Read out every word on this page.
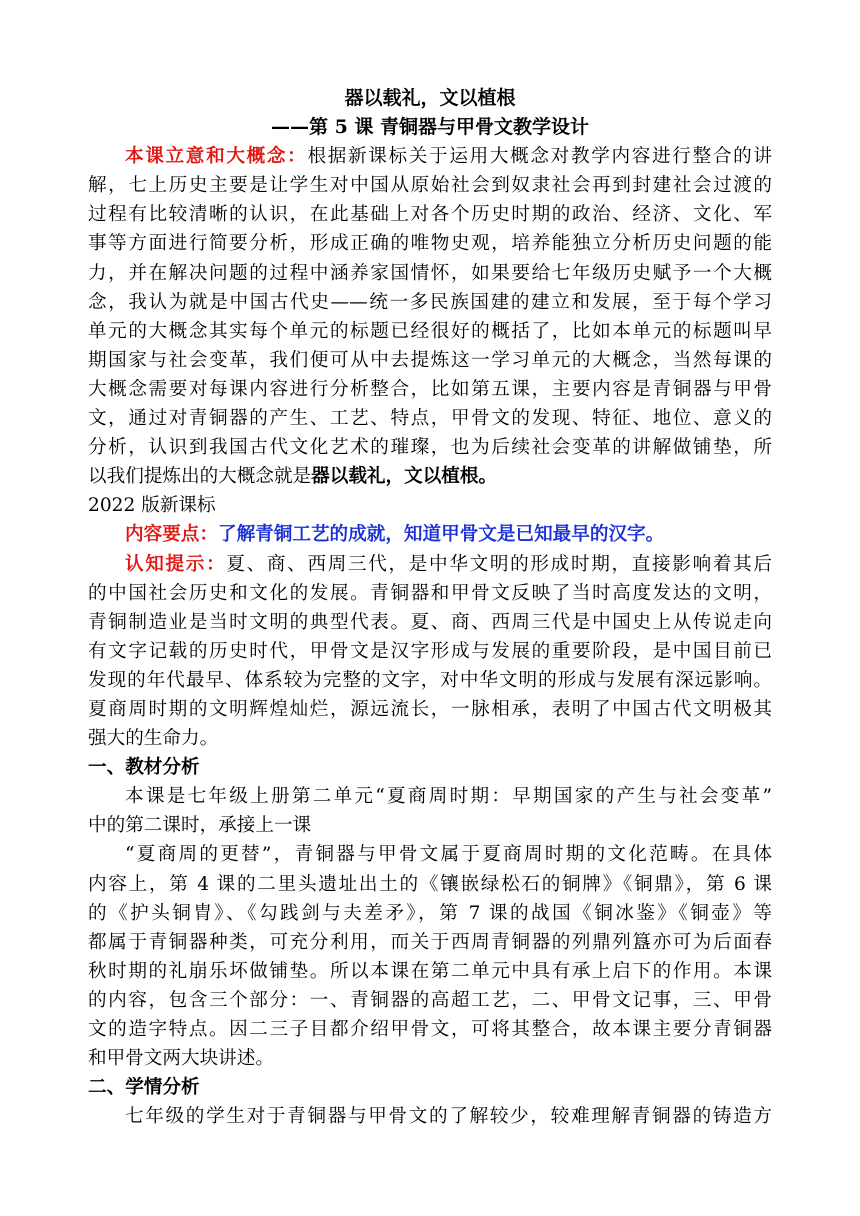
器以载礼，文以植根
——第 5 课 青铜器与甲骨文教学设计
本课立意和大概念：根据新课标关于运用大概念对教学内容进行整合的讲
解，七上历史主要是让学生对中国从原始社会到奴隶社会再到封建社会过渡的
过程有比较清晰的认识，在此基础上对各个历史时期的政治、经济、文化、军
事等方面进行简要分析，形成正确的唯物史观，培养能独立分析历史问题的能
力，并在解决问题的过程中涵养家国情怀，如果要给七年级历史赋予一个大概
念，我认为就是中国古代史——统一多民族国建的建立和发展，至于每个学习
单元的大概念其实每个单元的标题已经很好的概括了，比如本单元的标题叫早
期国家与社会变革，我们便可从中去提炼这一学习单元的大概念，当然每课的
大概念需要对每课内容进行分析整合，比如第五课，主要内容是青铜器与甲骨
文，通过对青铜器的产生、工艺、特点，甲骨文的发现、特征、地位、意义的
分析，认识到我国古代文化艺术的璀璨，也为后续社会变革的讲解做铺垫，所
以我们提炼出的大概念就是器以载礼，文以植根。
2022 版新课标
内容要点：了解青铜工艺的成就，知道甲骨文是已知最早的汉字。
认知提示：夏、商、西周三代，是中华文明的形成时期，直接影响着其后
的中国社会历史和文化的发展。青铜器和甲骨文反映了当时高度发达的文明，
青铜制造业是当时文明的典型代表。夏、商、西周三代是中国史上从传说走向
有文字记载的历史时代，甲骨文是汉字形成与发展的重要阶段，是中国目前已
发现的年代最早、体系较为完整的文字，对中华文明的形成与发展有深远影响。
夏商周时期的文明辉煌灿烂，源远流长，一脉相承，表明了中国古代文明极其
强大的生命力。
一、教材分析
本课是七年级上册第二单元“夏商周时期：早期国家的产生与社会变革”
中的第二课时，承接上一课
“夏商周的更替”，青铜器与甲骨文属于夏商周时期的文化范畴。在具体
内容上，第 4 课的二里头遗址出土的《镶嵌绿松石的铜牌》《铜鼎》，第 6 课
的《护头铜胄》、《勾践剑与夫差矛》，第 7 课的战国《铜冰鉴》《铜壶》等
都属于青铜器种类，可充分利用，而关于西周青铜器的列鼎列簋亦可为后面春
秋时期的礼崩乐坏做铺垫。所以本课在第二单元中具有承上启下的作用。本课
的内容，包含三个部分：一、青铜器的高超工艺，二、甲骨文记事，三、甲骨
文的造字特点。因二三子目都介绍甲骨文，可将其整合，故本课主要分青铜器
和甲骨文两大块讲述。
二、学情分析
七年级的学生对于青铜器与甲骨文的了解较少，较难理解青铜器的铸造方
